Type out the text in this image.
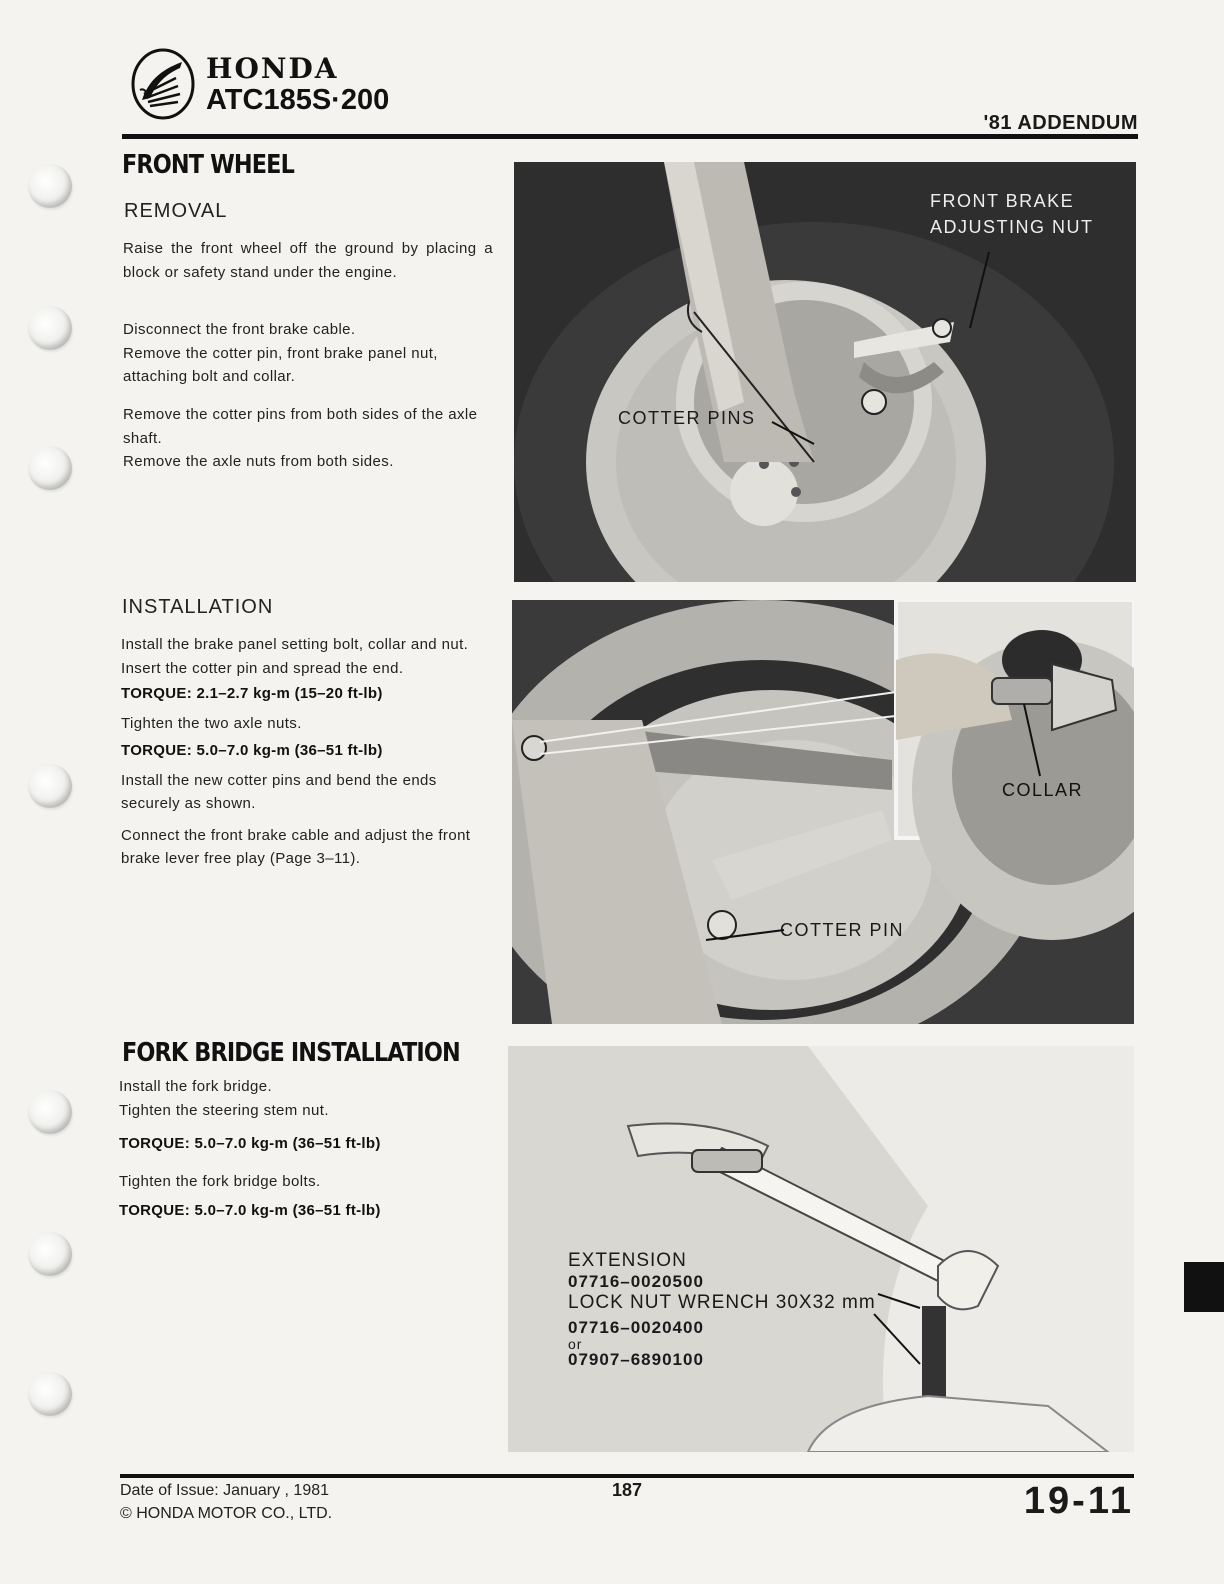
HONDA
ATC185S·200
'81 ADDENDUM
FRONT WHEEL
REMOVAL
Raise the front wheel off the ground by placing a block or safety stand under the engine.
Disconnect the front brake cable.
Remove the cotter pin, front brake panel nut, attaching bolt and collar.
Remove the cotter pins from both sides of the axle shaft.
Remove the axle nuts from both sides.
INSTALLATION
Install the brake panel setting bolt, collar and nut.
Insert the cotter pin and spread the end.
TORQUE: 2.1–2.7 kg-m (15–20 ft-lb)
Tighten the two axle nuts.
TORQUE: 5.0–7.0 kg-m (36–51 ft-lb)
Install the new cotter pins and bend the ends securely as shown.
Connect the front brake cable and adjust the front brake lever free play (Page 3–11).
FORK BRIDGE INSTALLATION
Install the fork bridge.
Tighten the steering stem nut.
TORQUE: 5.0–7.0 kg-m (36–51 ft-lb)
Tighten the fork bridge bolts.
TORQUE: 5.0–7.0 kg-m (36–51 ft-lb)
FRONT BRAKE
ADJUSTING NUT
COTTER PINS
COLLAR
COTTER PIN
EXTENSION
07716–0020500
LOCK NUT WRENCH 30X32 mm
07716–0020400
or
07907–6890100
Date of Issue: January , 1981
© HONDA MOTOR CO., LTD.
187	19-11
